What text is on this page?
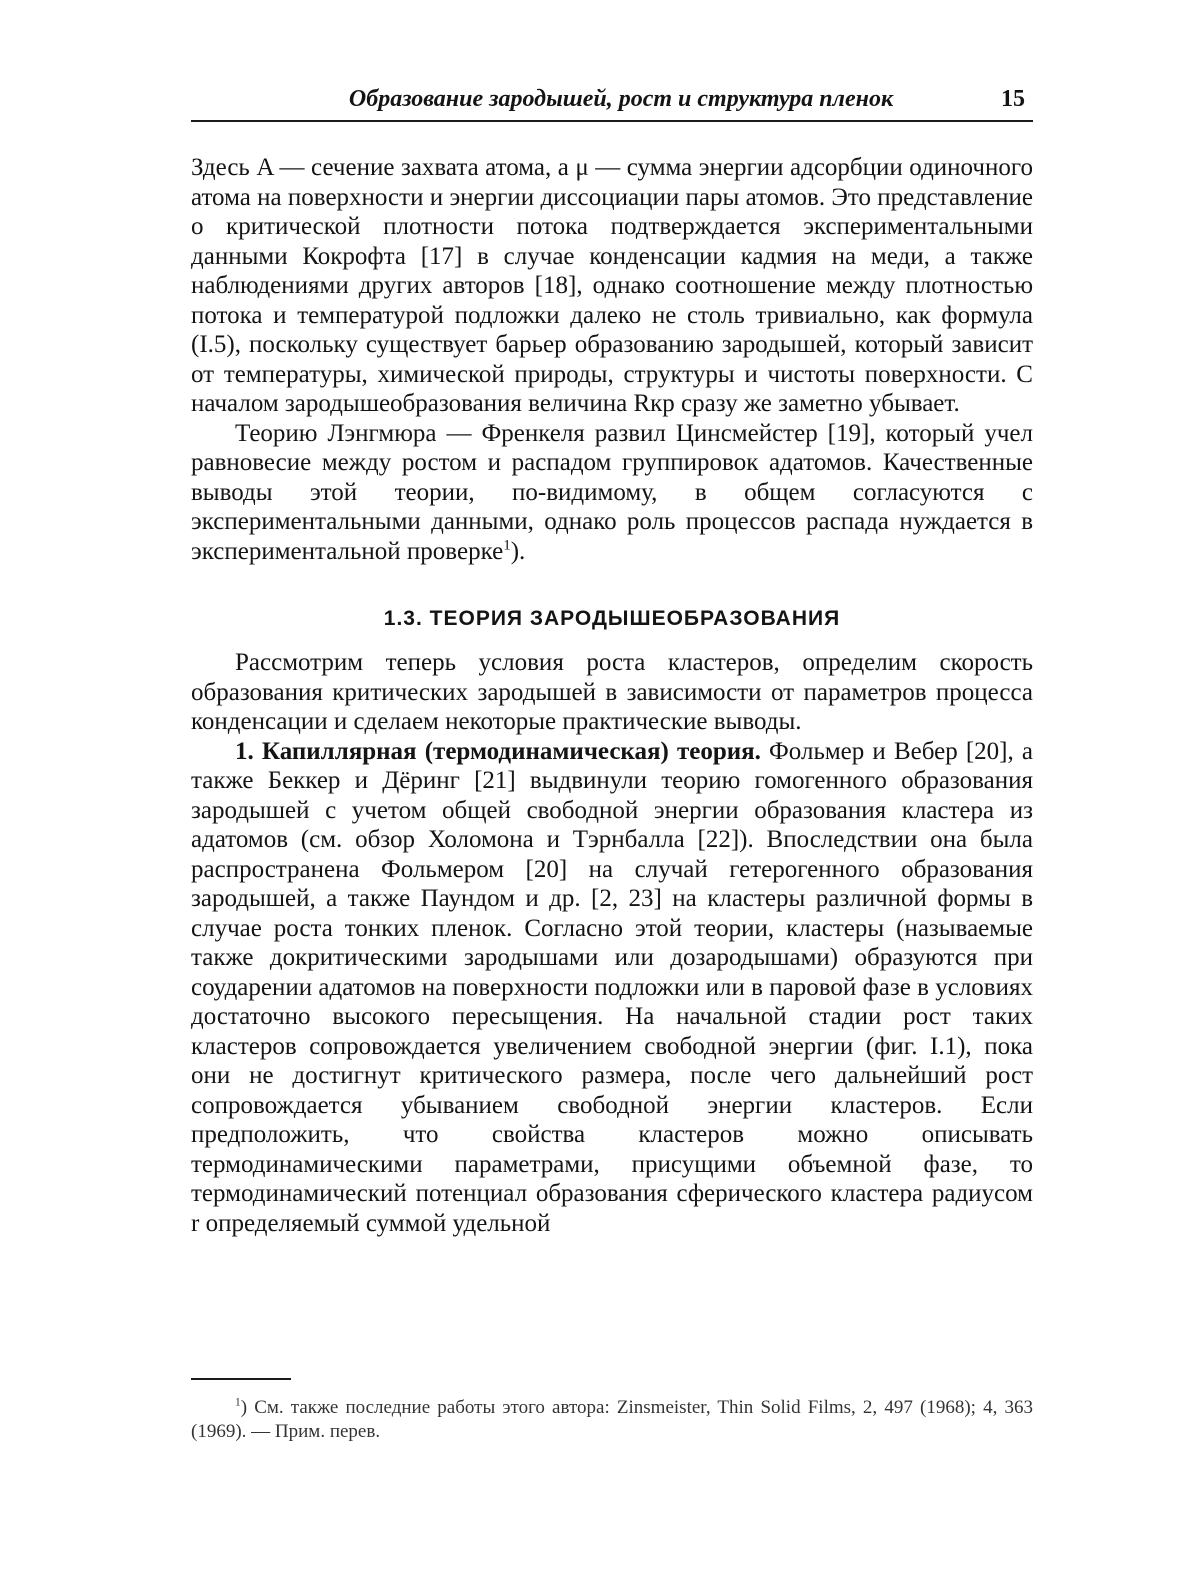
Образование зародышей, рост и структура пленок	15

Здесь A — сечение захвата атома, а μ — сумма энергии адсорбции одиночного атома на поверхности и энергии диссоциации пары атомов. Это представление о критической плотности потока подтверждается экспериментальными данными Кокрофта [17] в случае конденсации кадмия на меди, а также наблюдениями других авторов [18], однако соотношение между плотностью потока и температурой подложки далеко не столь тривиально, как формула (I.5), поскольку существует барьер образованию зародышей, который зависит от температуры, химической природы, структуры и чистоты поверхности. С началом зародышеобразования величина Rкр сразу же заметно убывает.

Теорию Лэнгмюра — Френкеля развил Цинсмейстер [19], который учел равновесие между ростом и распадом группировок адатомов. Качественные выводы этой теории, по-видимому, в общем согласуются с экспериментальными данными, однако роль процессов распада нуждается в экспериментальной проверке$^1$).

1.3. ТЕОРИЯ ЗАРОДЫШЕОБРАЗОВАНИЯ

Рассмотрим теперь условия роста кластеров, определим скорость образования критических зародышей в зависимости от параметров процесса конденсации и сделаем некоторые практические выводы.

1. Капиллярная (термодинамическая) теория. Фольмер и Вебер [20], а также Беккер и Дёринг [21] выдвинули теорию гомогенного образования зародышей с учетом общей свободной энергии образования кластера из адатомов (см. обзор Холомона и Тэрнбалла [22]). Впоследствии она была распространена Фольмером [20] на случай гетерогенного образования зародышей, а также Паундом и др. [2, 23] на кластеры различной формы в случае роста тонких пленок. Согласно этой теории, кластеры (называемые также докритическими зародышами или дозародышами) образуются при соударении адатомов на поверхности подложки или в паровой фазе в условиях достаточно высокого пересыщения. На начальной стадии рост таких кластеров сопровождается увеличением свободной энергии (фиг. I.1), пока они не достигнут критического размера, после чего дальнейший рост сопровождается убыванием свободной энергии кластеров. Если предположить, что свойства кластеров можно описывать термодинамическими параметрами, присущими объемной фазе, то термодинамический потенциал образования сферического кластера радиусом r определяемый суммой удельной

$^1$) См. также последние работы этого автора: Zinsmeister, Thin Solid Films, 2, 497 (1968); 4, 363 (1969). — Прим. перев.
